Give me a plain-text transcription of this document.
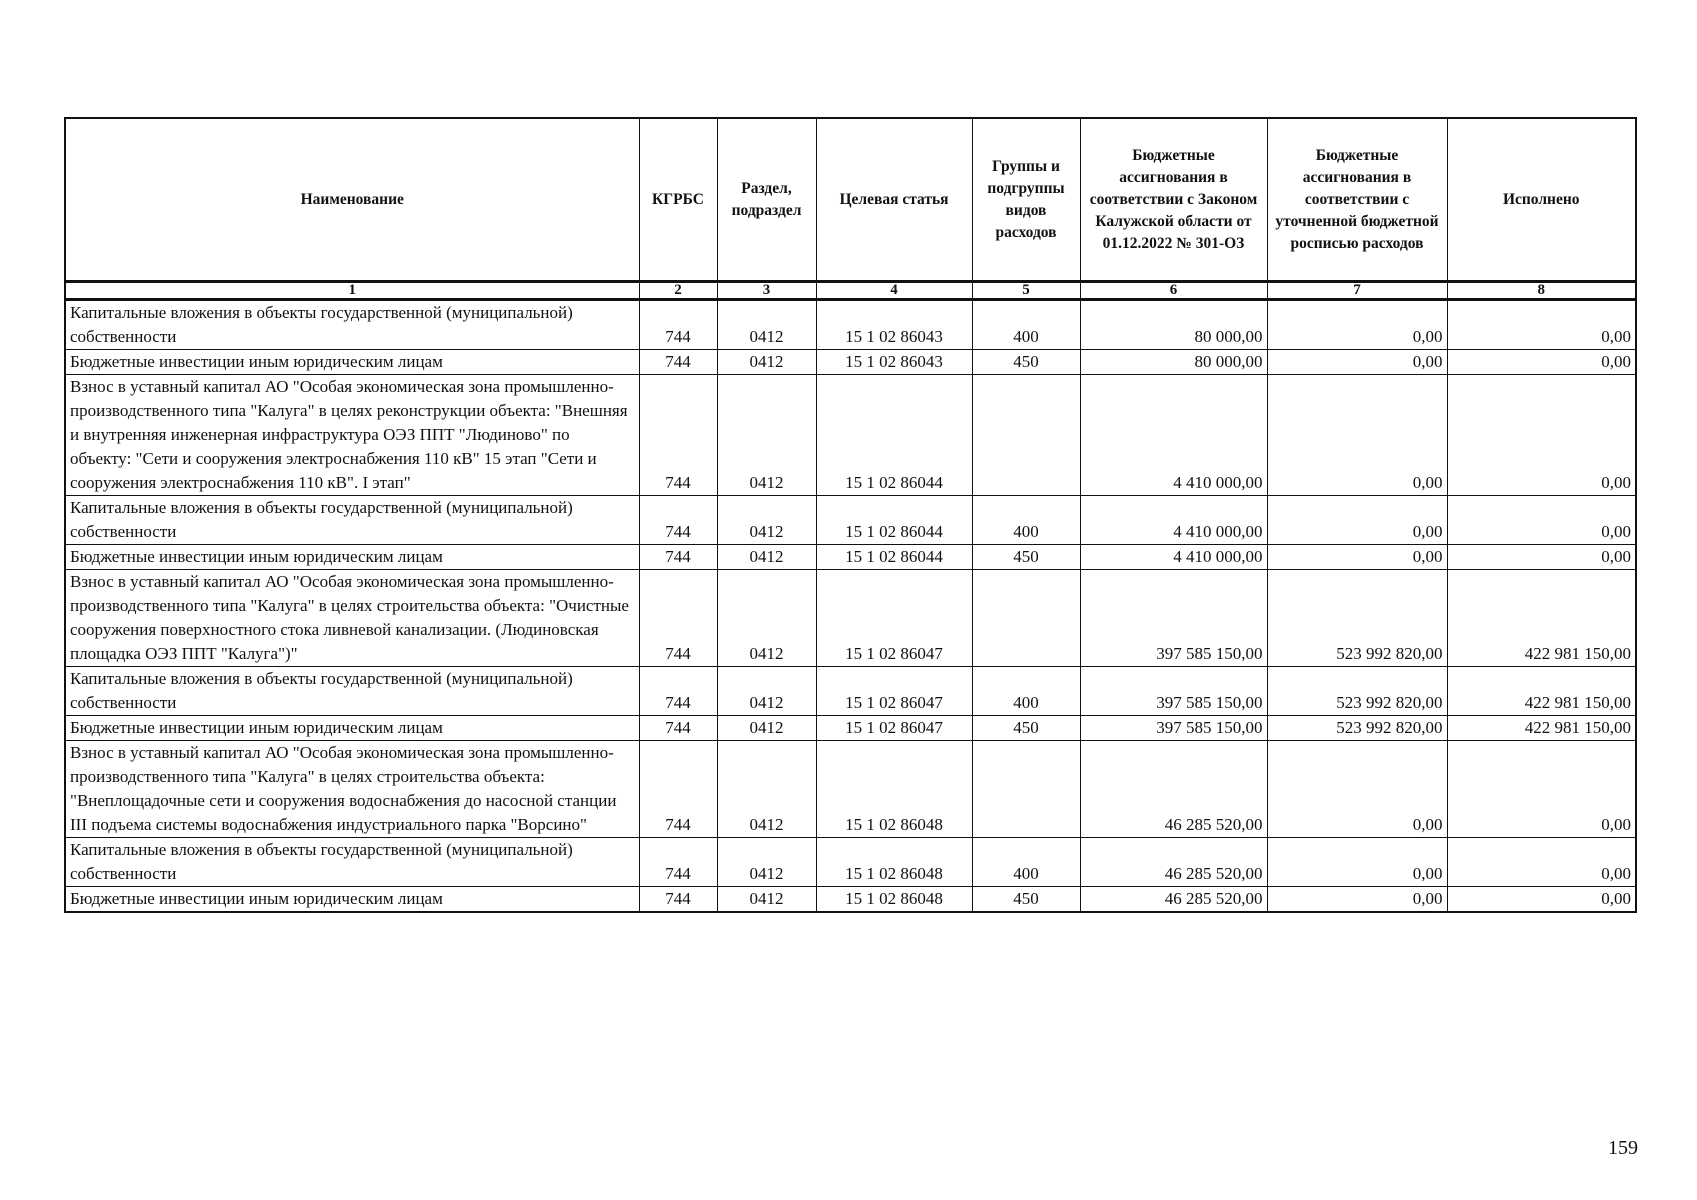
Наименование	КГРБС	Раздел, подраздел	Целевая статья	Группы и подгруппы видов расходов	Бюджетные ассигнования в соответствии с Законом Калужской области от 01.12.2022 № 301-ОЗ	Бюджетные ассигнования в соответствии с уточненной бюджетной росписью расходов	Исполнено
1	2	3	4	5	6	7	8
Капитальные вложения в объекты государственной (муниципальной) собственности	744	0412	15 1 02 86043	400	80 000,00	0,00	0,00
Бюджетные инвестиции иным юридическим лицам	744	0412	15 1 02 86043	450	80 000,00	0,00	0,00
Взнос в уставный капитал АО "Особая экономическая зона промышленно-производственного типа "Калуга" в целях реконструкции объекта: "Внешняя и внутренняя инженерная инфраструктура ОЭЗ ППТ "Людиново" по объекту: "Сети и сооружения электроснабжения 110 кВ" 15 этап "Сети и сооружения электроснабжения 110 кВ". I этап"	744	0412	15 1 02 86044		4 410 000,00	0,00	0,00
Капитальные вложения в объекты государственной (муниципальной) собственности	744	0412	15 1 02 86044	400	4 410 000,00	0,00	0,00
Бюджетные инвестиции иным юридическим лицам	744	0412	15 1 02 86044	450	4 410 000,00	0,00	0,00
Взнос в уставный капитал АО "Особая экономическая зона промышленно-производственного типа "Калуга" в целях строительства объекта: "Очистные сооружения поверхностного стока ливневой канализации. (Людиновская площадка ОЭЗ ППТ "Калуга")"	744	0412	15 1 02 86047		397 585 150,00	523 992 820,00	422 981 150,00
Капитальные вложения в объекты государственной (муниципальной) собственности	744	0412	15 1 02 86047	400	397 585 150,00	523 992 820,00	422 981 150,00
Бюджетные инвестиции иным юридическим лицам	744	0412	15 1 02 86047	450	397 585 150,00	523 992 820,00	422 981 150,00
Взнос в уставный капитал АО "Особая экономическая зона промышленно-производственного типа "Калуга" в целях строительства объекта: "Внеплощадочные сети и сооружения водоснабжения до насосной станции III подъема системы водоснабжения индустриального парка "Ворсино"	744	0412	15 1 02 86048		46 285 520,00	0,00	0,00
Капитальные вложения в объекты государственной (муниципальной) собственности	744	0412	15 1 02 86048	400	46 285 520,00	0,00	0,00
Бюджетные инвестиции иным юридическим лицам	744	0412	15 1 02 86048	450	46 285 520,00	0,00	0,00
159
